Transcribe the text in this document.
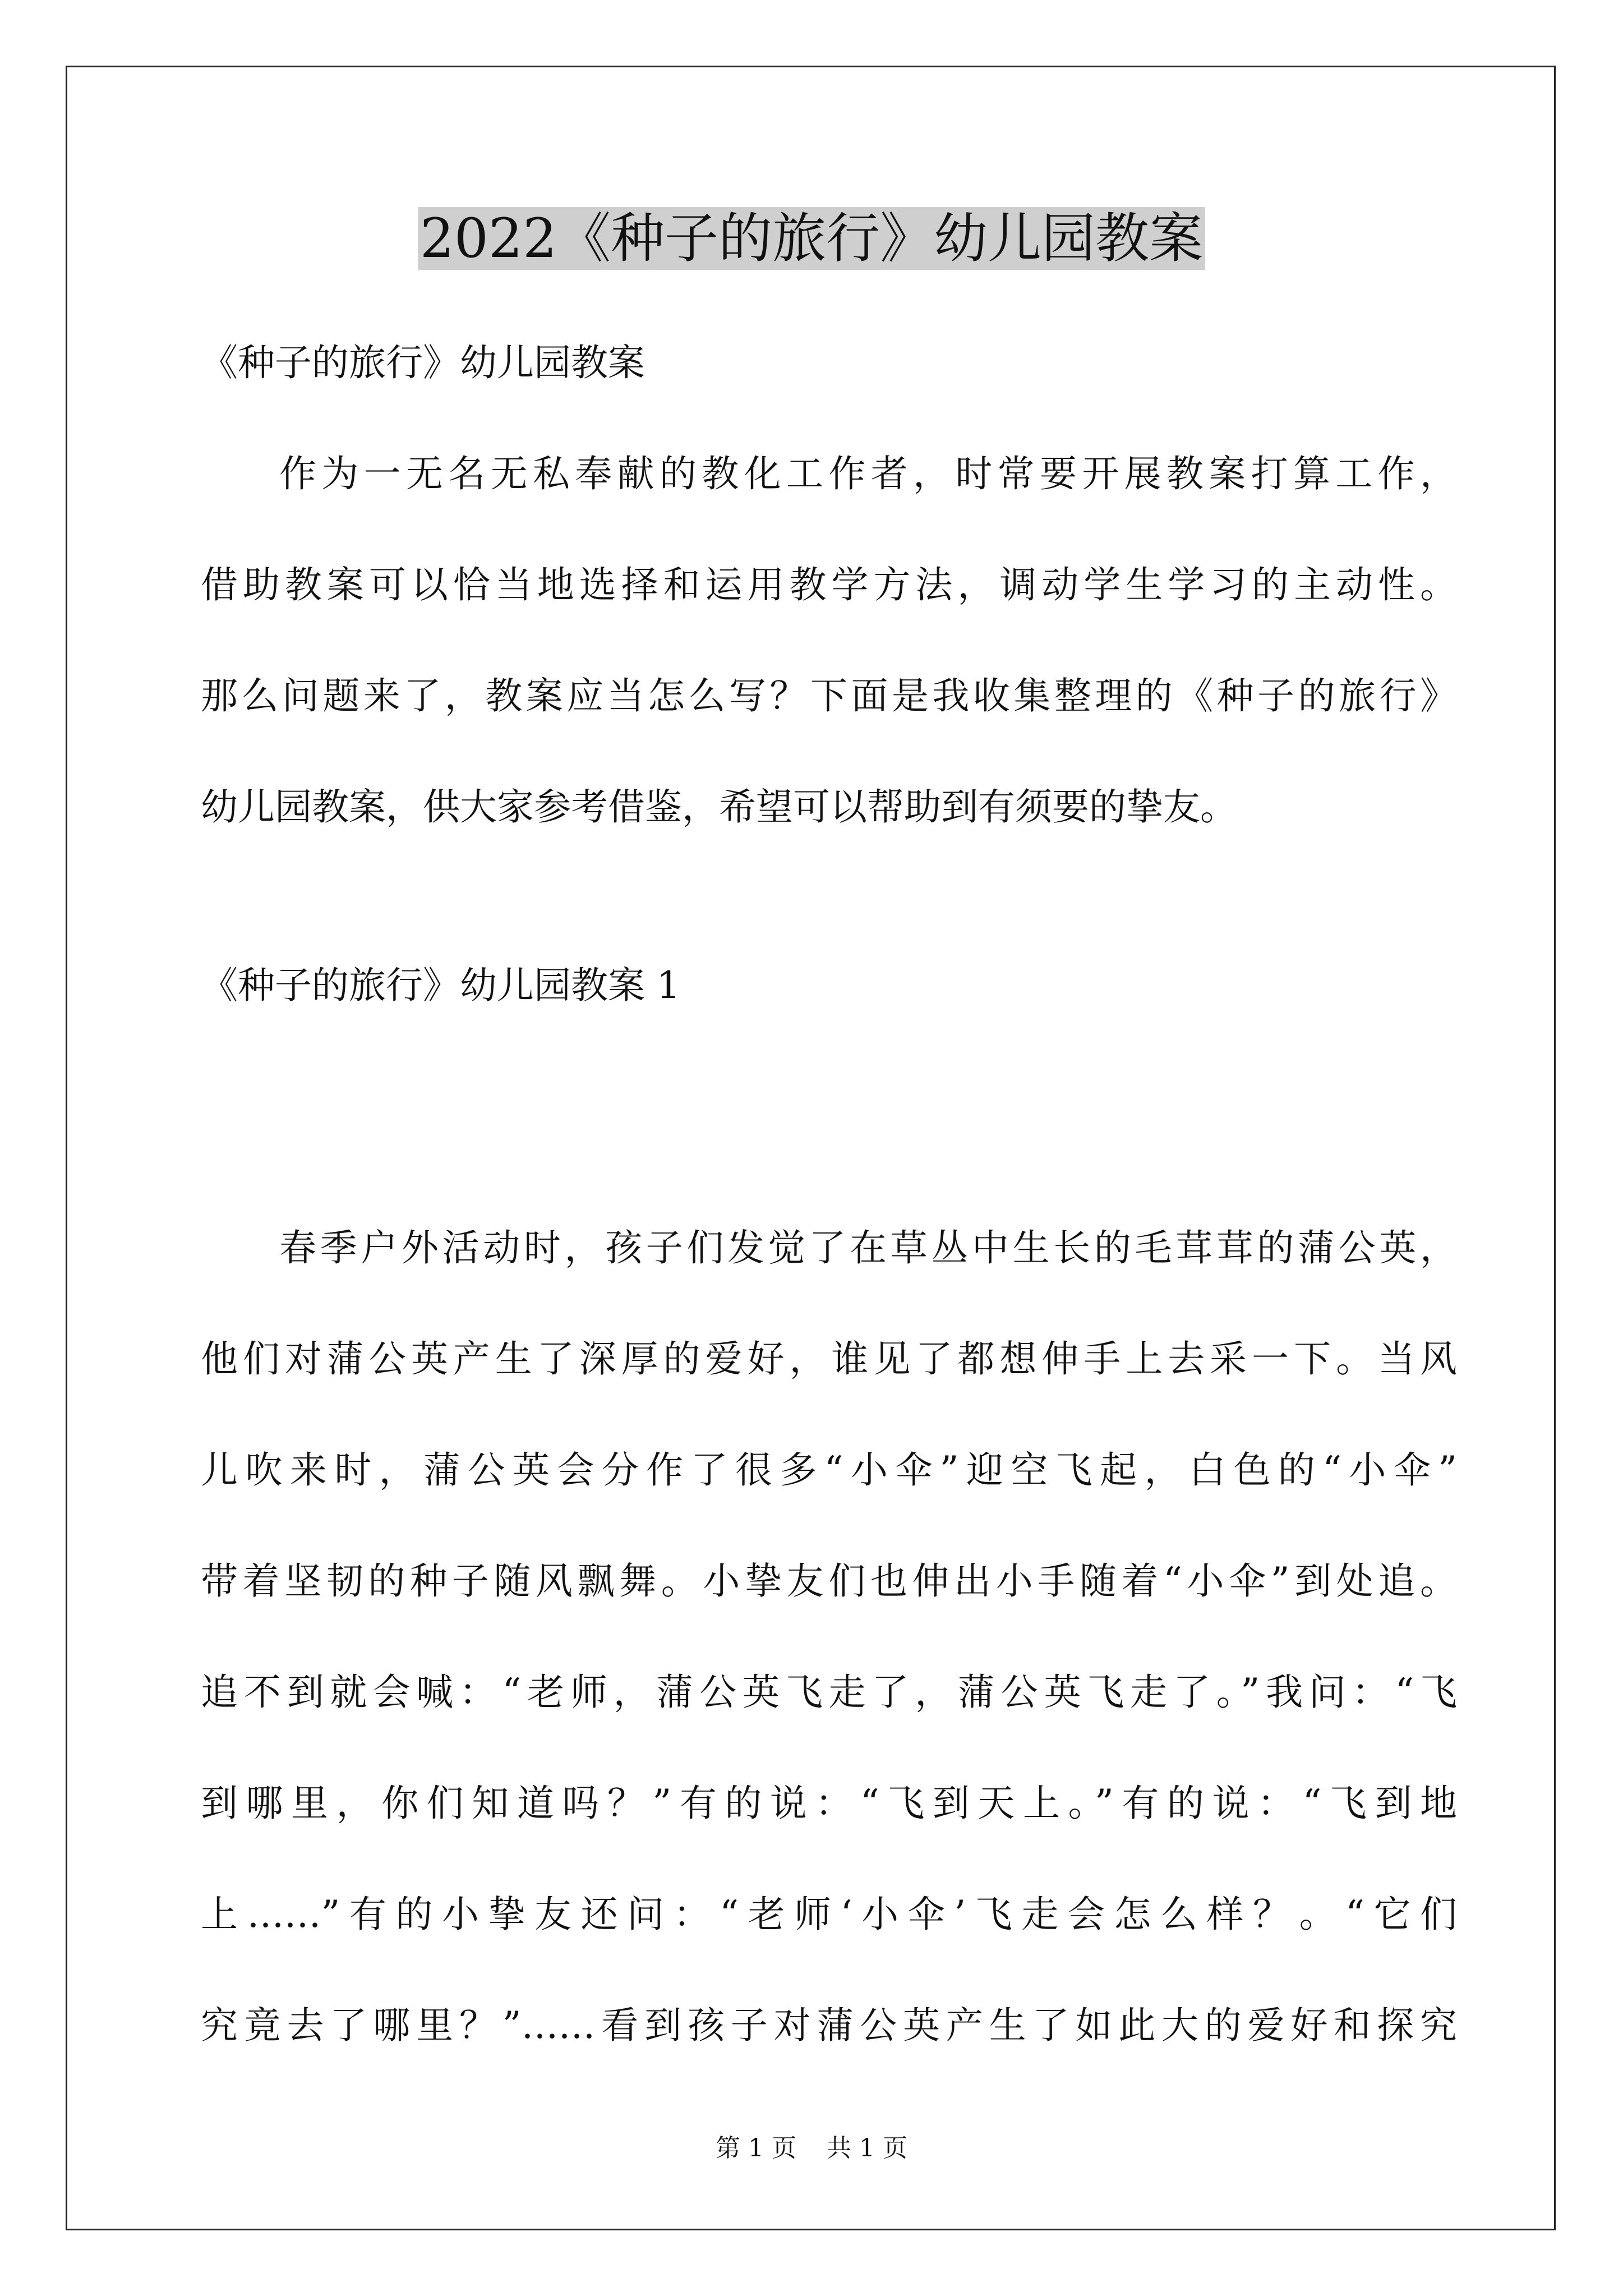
2022《种子的旅行》幼儿园教案
《种子的旅行》幼儿园教案
作为一无名无私奉献的教化工作者，时常要开展教案打算工作，
借助教案可以恰当地选择和运用教学方法，调动学生学习的主动性。
那么问题来了，教案应当怎么写？下面是我收集整理的《种子的旅行》
幼儿园教案，供大家参考借鉴，希望可以帮助到有须要的挚友。
《种子的旅行》幼儿园教案 1
春季户外活动时，孩子们发觉了在草丛中生长的毛茸茸的蒲公英，
他们对蒲公英产生了深厚的爱好，谁见了都想伸手上去采一下。当风
儿吹来时，蒲公英会分作了很多“小伞”迎空飞起，白色的“小伞”
带着坚韧的种子随风飘舞。小挚友们也伸出小手随着“小伞”到处追。
追不到就会喊：“老师，蒲公英飞走了，蒲公英飞走了。”我问：“飞
到哪里，你们知道吗？”有的说：“飞到天上。”有的说：“飞到地
上……”有的小挚友还问：“老师‘小伞’飞走会怎么样？。“它们
究竟去了哪里？”……看到孩子对蒲公英产生了如此大的爱好和探究
第 1 页 共 1 页
